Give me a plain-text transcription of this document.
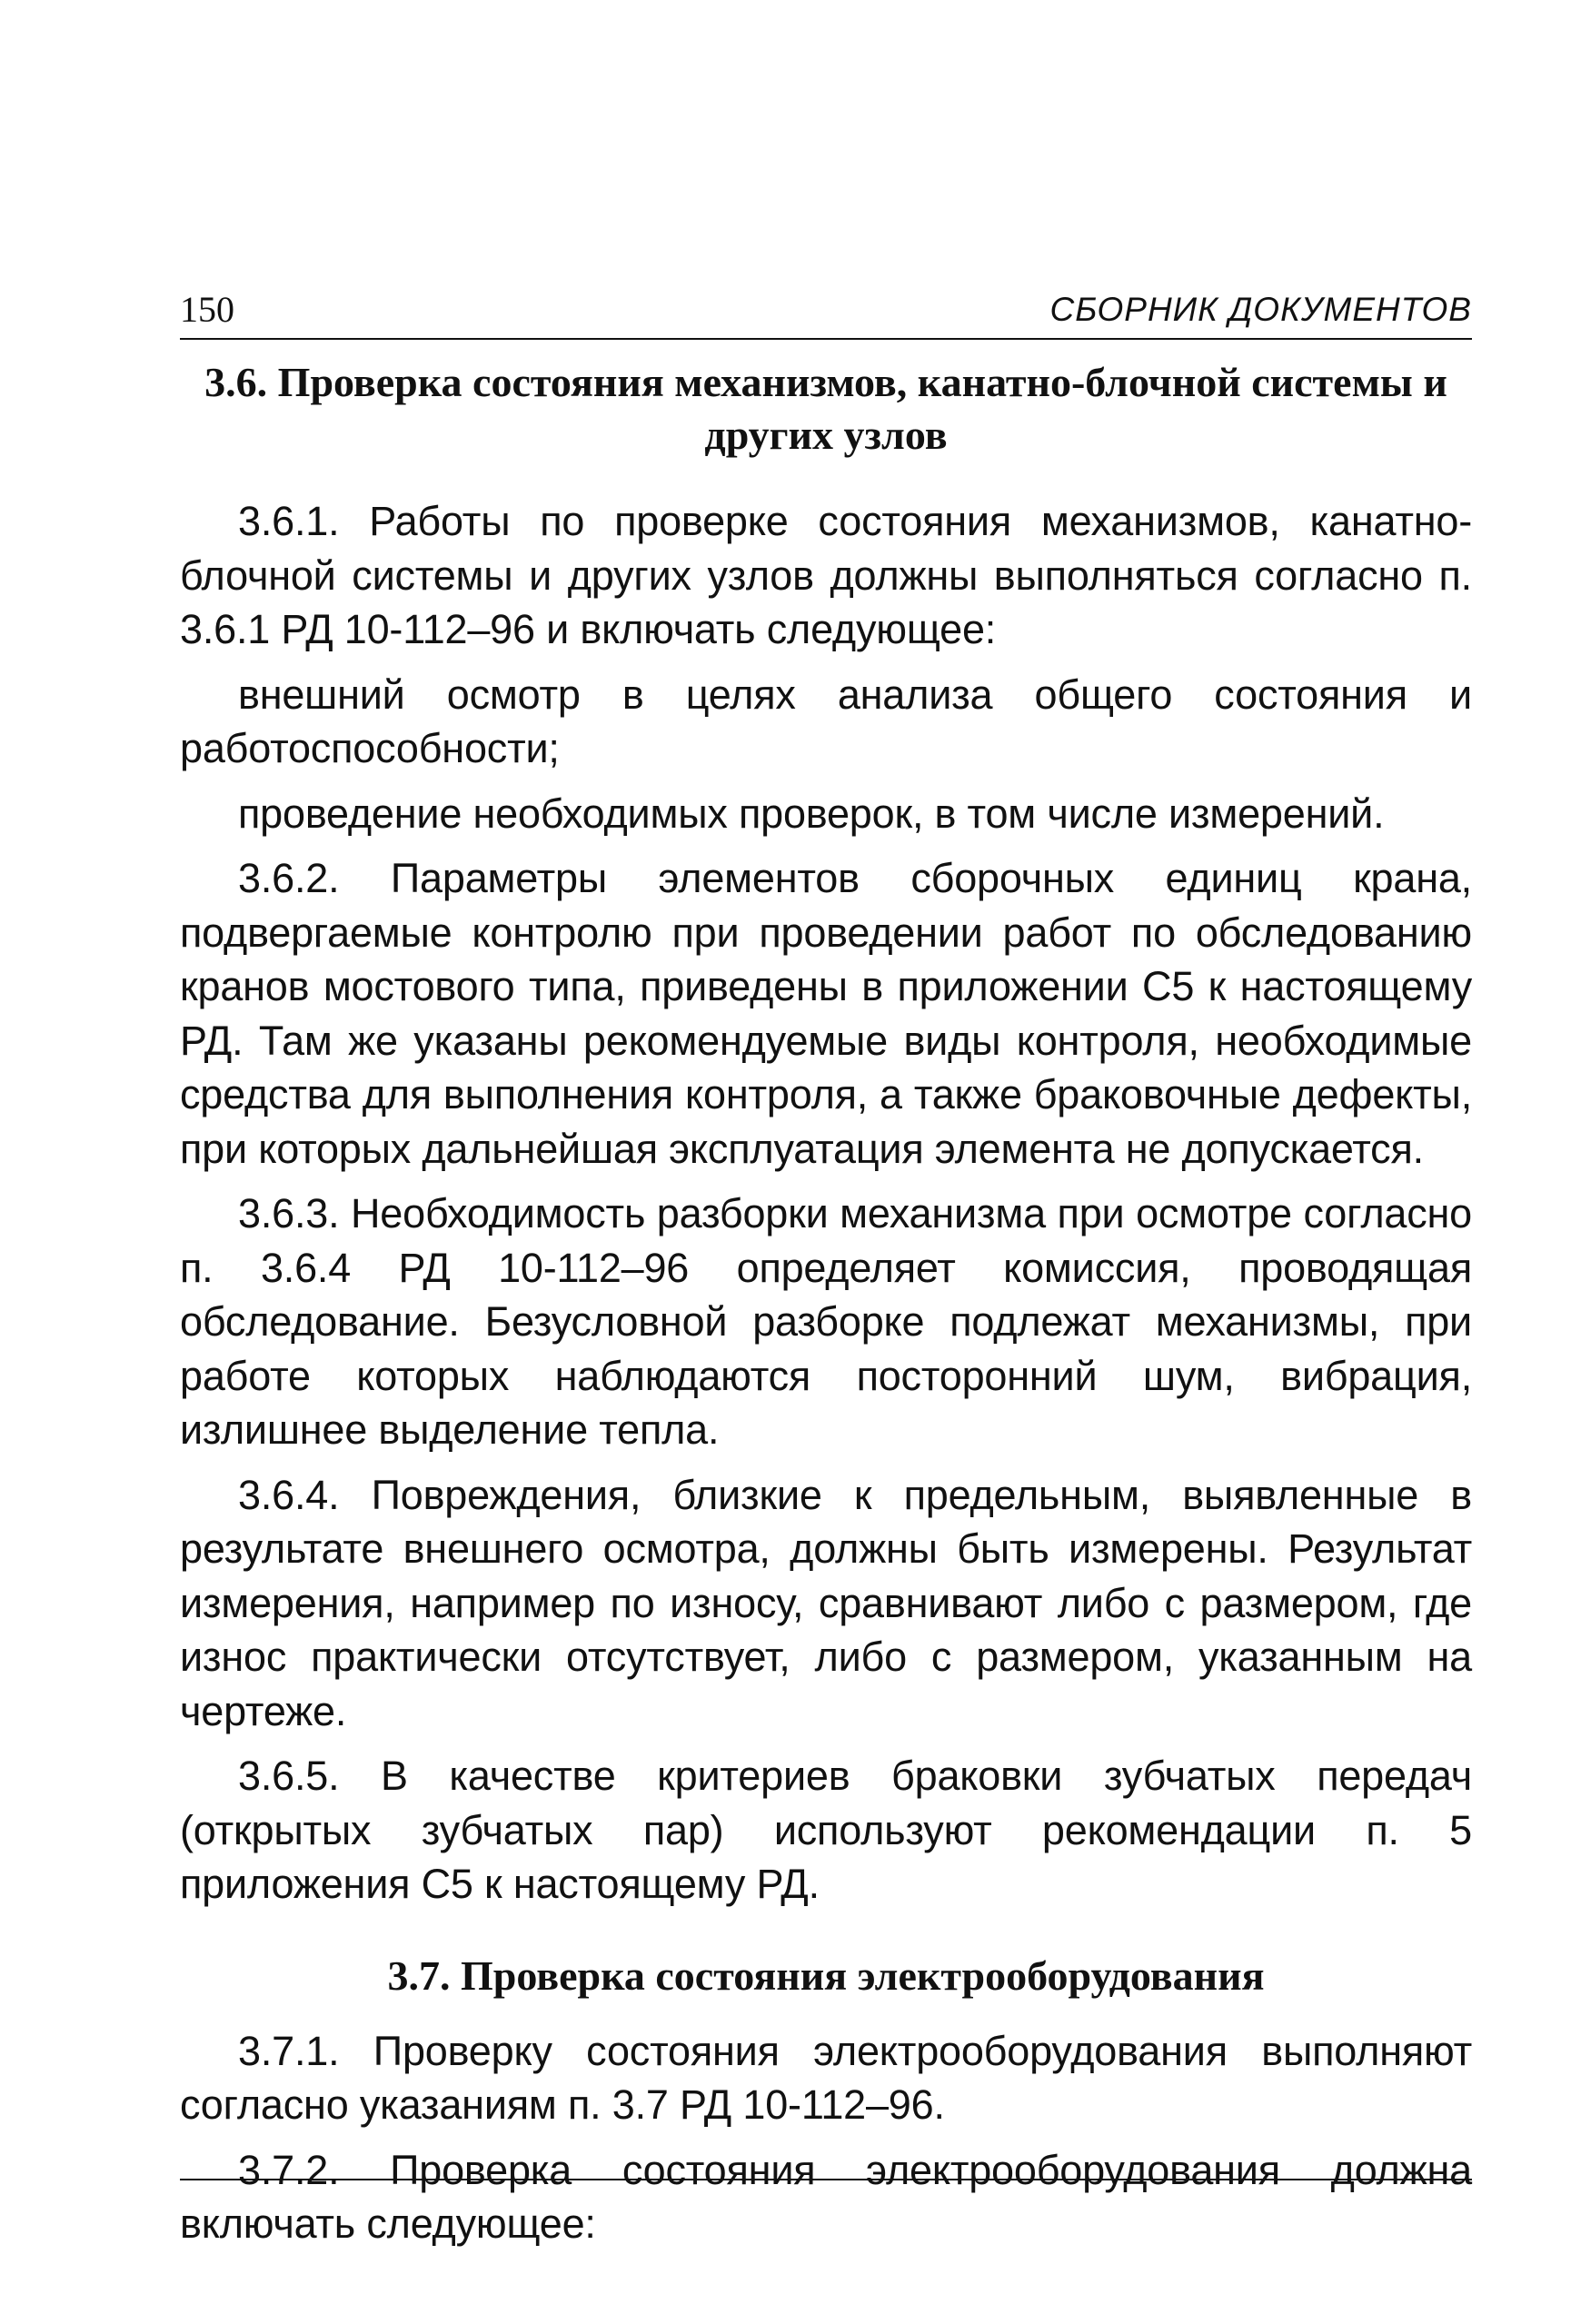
150	СБОРНИК ДОКУМЕНТОВ
3.6. Проверка состояния механизмов, канатно-блочной системы и других узлов

3.6.1. Работы по проверке состояния механизмов, канатно-блочной системы и других узлов должны выполняться согласно п. 3.6.1 РД 10-112–96 и включать следующее:

внешний осмотр в целях анализа общего состояния и работоспособности;

проведение необходимых проверок, в том числе измерений.

3.6.2. Параметры элементов сборочных единиц крана, подвергаемые контролю при проведении работ по обследованию кранов мостового типа, приведены в приложении С5 к настоящему РД. Там же указаны рекомендуемые виды контроля, необходимые средства для выполнения контроля, а также браковочные дефекты, при которых дальнейшая эксплуатация элемента не допускается.

3.6.3. Необходимость разборки механизма при осмотре согласно п. 3.6.4 РД 10-112–96 определяет комиссия, проводящая обследование. Безусловной разборке подлежат механизмы, при работе которых наблюдаются посторонний шум, вибрация, излишнее выделение тепла.

3.6.4. Повреждения, близкие к предельным, выявленные в результате внешнего осмотра, должны быть измерены. Результат измерения, например по износу, сравнивают либо с размером, где износ практически отсутствует, либо с размером, указанным на чертеже.

3.6.5. В качестве критериев браковки зубчатых передач (открытых зубчатых пар) используют рекомендации п. 5 приложения С5 к настоящему РД.

3.7. Проверка состояния электрооборудования

3.7.1. Проверку состояния электрооборудования выполняют согласно указаниям п. 3.7 РД 10-112–96.

3.7.2. Проверка состояния электрооборудования должна включать следующее:
